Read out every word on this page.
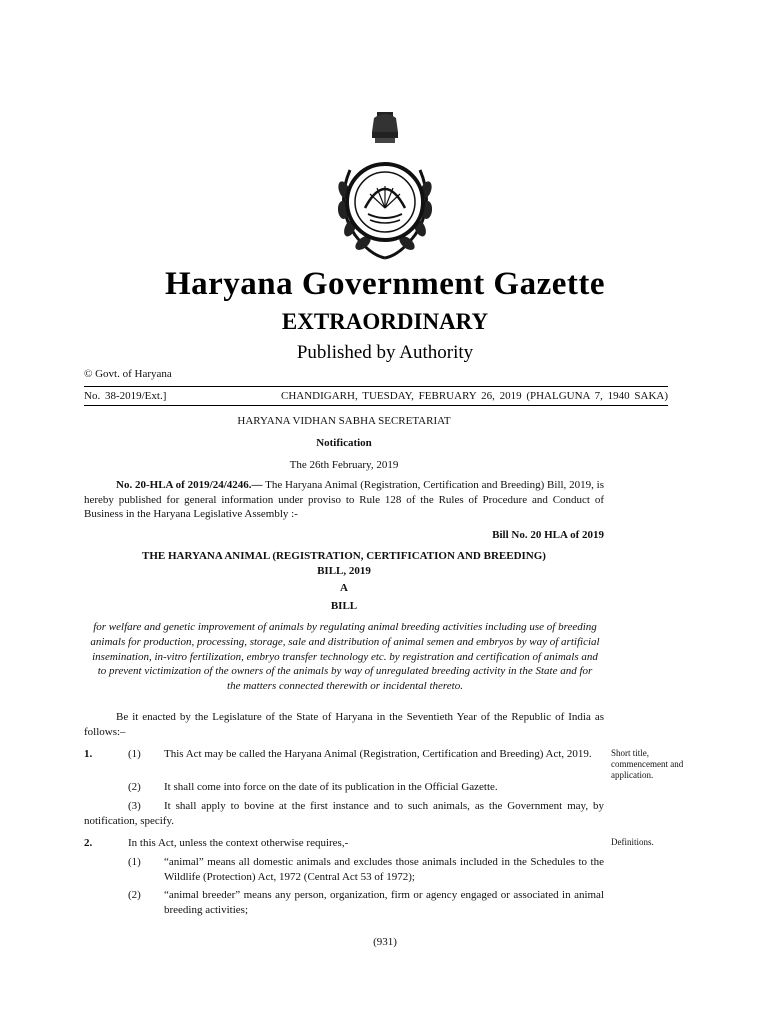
Haryana Government Gazette
EXTRAORDINARY
Published by Authority
© Govt. of Haryana
No. 38-2019/Ext.]	CHANDIGARH, TUESDAY, FEBRUARY 26, 2019 (PHALGUNA 7, 1940 SAKA)
HARYANA VIDHAN SABHA SECRETARIAT
Notification
The 26th February, 2019
No. 20-HLA of 2019/24/4246.— The Haryana Animal (Registration, Certification and Breeding) Bill, 2019, is hereby published for general information under proviso to Rule 128 of the Rules of Procedure and Conduct of Business in the Haryana Legislative Assembly :-
Bill No. 20 HLA of 2019
THE HARYANA ANIMAL (REGISTRATION, CERTIFICATION AND BREEDING)
BILL, 2019
A
BILL
for welfare and genetic improvement of animals by regulating animal breeding activities including use of breeding animals for production, processing, storage, sale and distribution of animal semen and embryos by way of artificial insemination, in-vitro fertilization, embryo transfer technology etc. by registration and certification of animals and to prevent victimization of the owners of the animals by way of unregulated breeding activity in the State and for the matters connected therewith or incidental thereto.
Be it enacted by the Legislature of the State of Haryana in the Seventieth Year of the Republic of India as follows:–
Short title, commencement and application.
1.	(1)	This Act may be called the Haryana Animal (Registration, Certification and Breeding) Act, 2019.
(2)	It shall come into force on the date of its publication in the Official Gazette.
(3)	It shall apply to bovine at the first instance and to such animals, as the Government may, by notification, specify.
Definitions.
2.	In this Act, unless the context otherwise requires,-
(1)	“animal” means all domestic animals and excludes those animals included in the Schedules to the Wildlife (Protection) Act, 1972 (Central Act 53 of 1972);
(2)	“animal breeder” means any person, organization, firm or agency engaged or associated in animal breeding activities;
(931)
